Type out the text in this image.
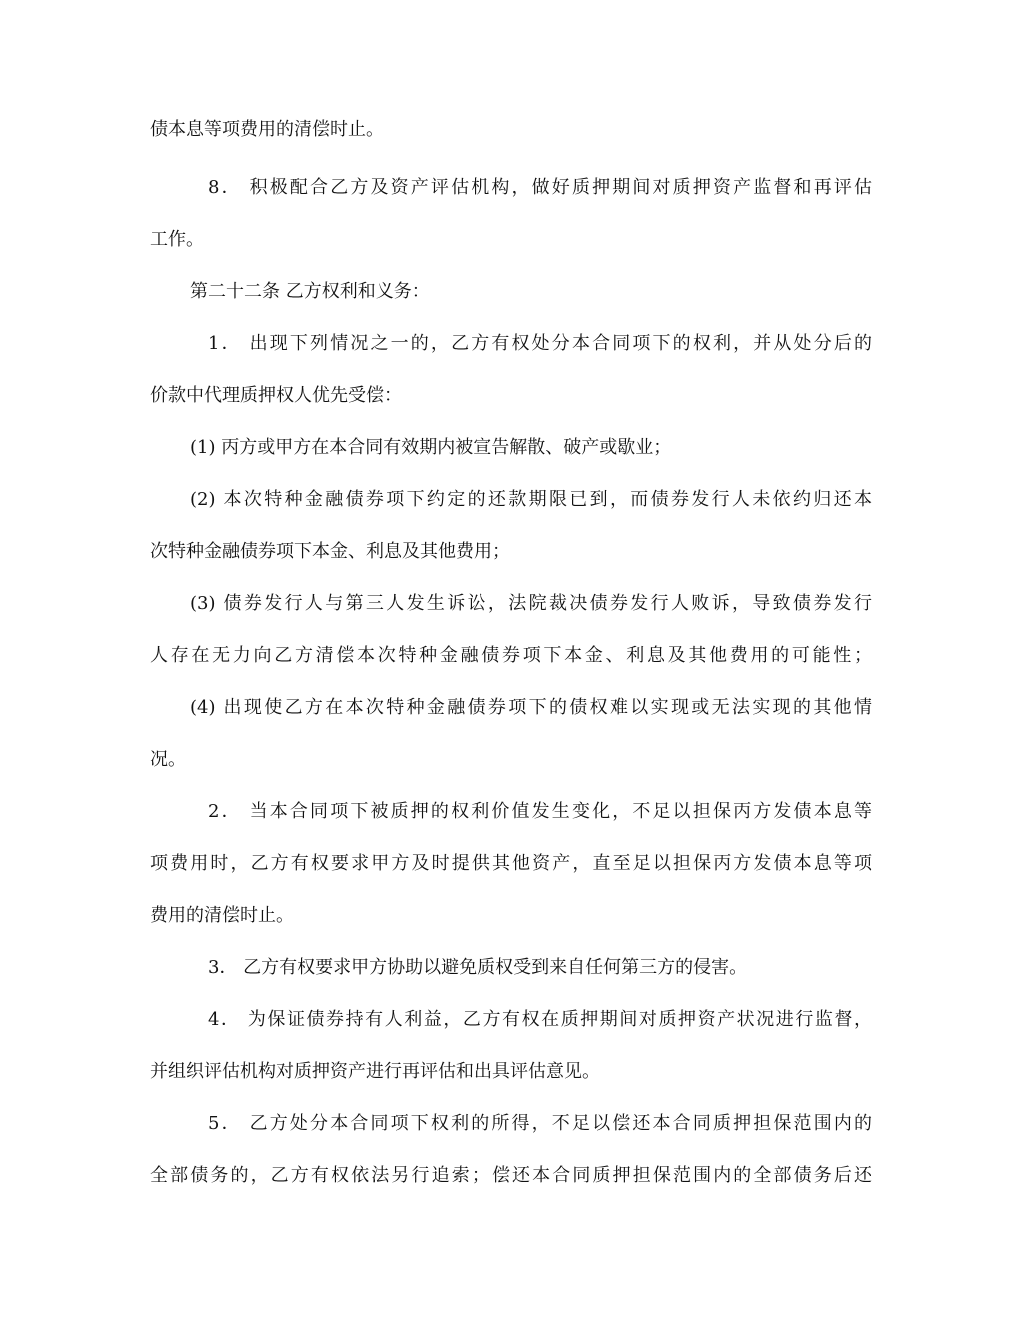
债本息等项费用的清偿时止。
8． 积极配合乙方及资产评估机构，做好质押期间对质押资产监督和再评估
工作。
第二十二条 乙方权利和义务：
1． 出现下列情况之一的，乙方有权处分本合同项下的权利，并从处分后的
价款中代理质押权人优先受偿：
(1) 丙方或甲方在本合同有效期内被宣告解散、破产或歇业；
(2) 本次特种金融债券项下约定的还款期限已到，而债券发行人未依约归还本
次特种金融债券项下本金、利息及其他费用；
(3) 债券发行人与第三人发生诉讼，法院裁决债券发行人败诉，导致债券发行
人存在无力向乙方清偿本次特种金融债券项下本金、利息及其他费用的可能性；
(4) 出现使乙方在本次特种金融债券项下的债权难以实现或无法实现的其他情
况。
2． 当本合同项下被质押的权利价值发生变化，不足以担保丙方发债本息等
项费用时，乙方有权要求甲方及时提供其他资产，直至足以担保丙方发债本息等项
费用的清偿时止。
3． 乙方有权要求甲方协助以避免质权受到来自任何第三方的侵害。
4． 为保证债券持有人利益，乙方有权在质押期间对质押资产状况进行监督，
并组织评估机构对质押资产进行再评估和出具评估意见。
5． 乙方处分本合同项下权利的所得，不足以偿还本合同质押担保范围内的
全部债务的，乙方有权依法另行追索；偿还本合同质押担保范围内的全部债务后还
